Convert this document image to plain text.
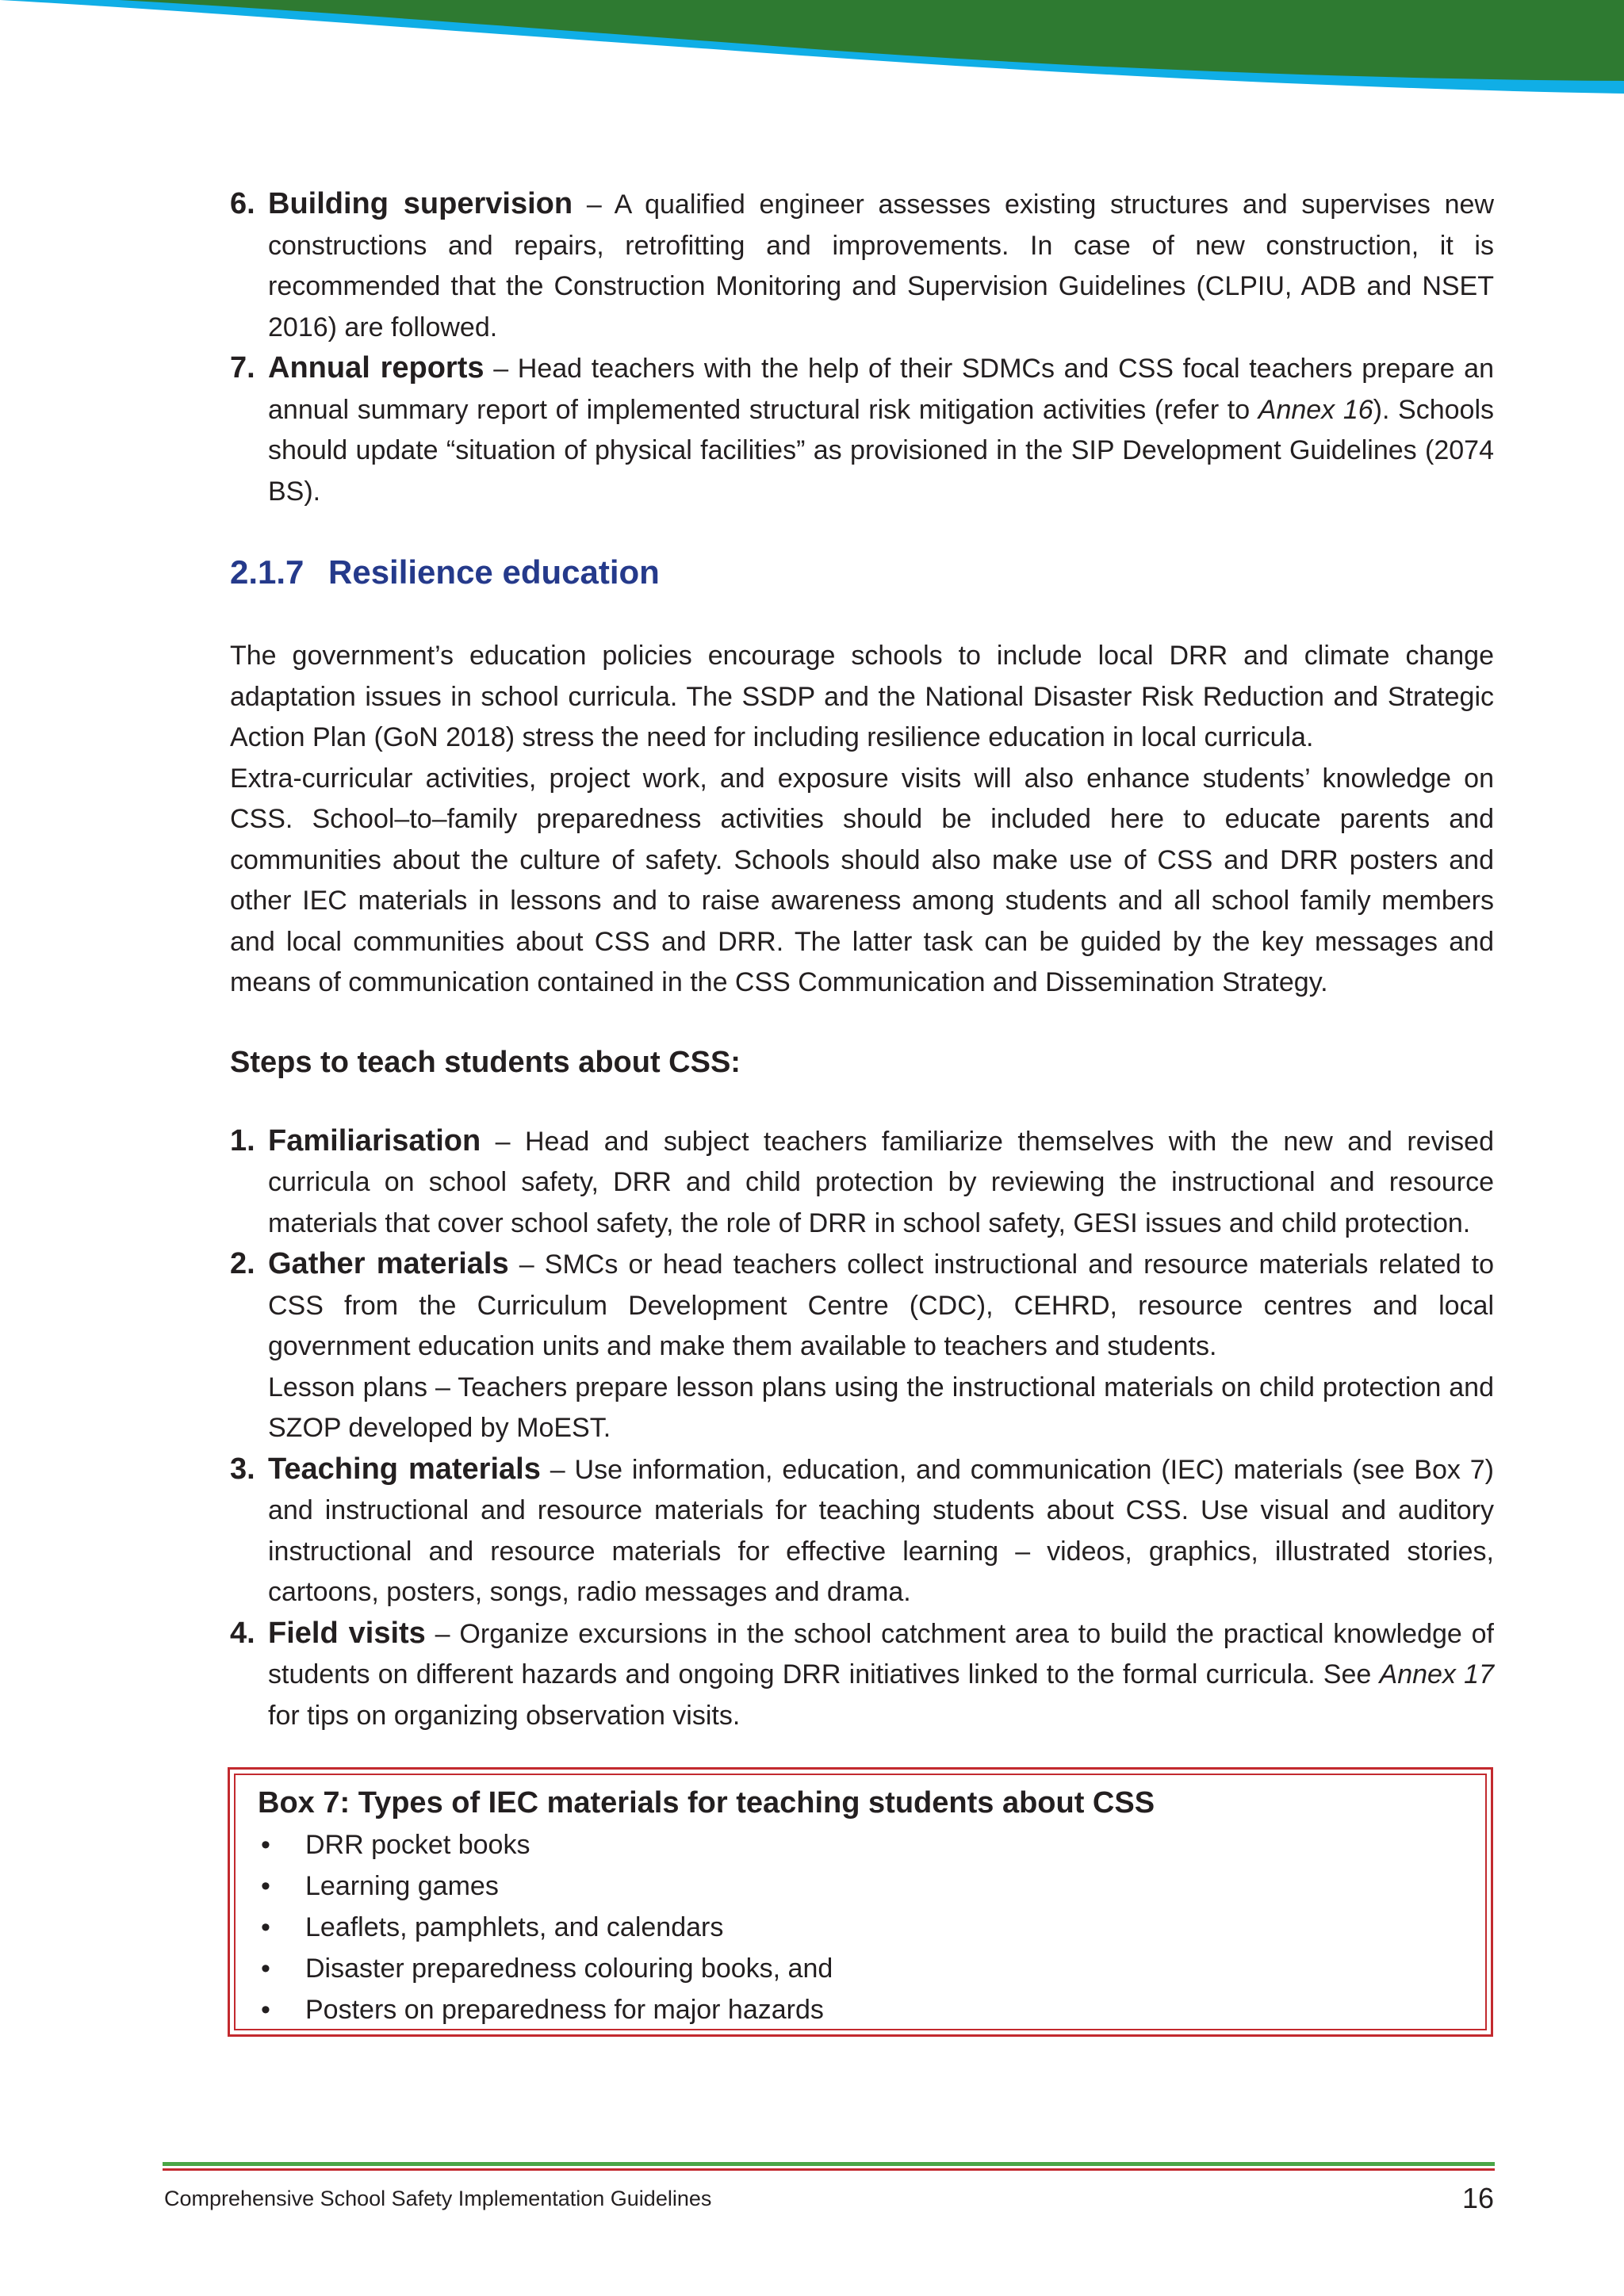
6. Building supervision – A qualified engineer assesses existing structures and supervises new constructions and repairs, retrofitting and improvements. In case of new construction, it is recommended that the Construction Monitoring and Supervision Guidelines (CLPIU, ADB and NSET 2016) are followed.
7. Annual reports – Head teachers with the help of their SDMCs and CSS focal teachers prepare an annual summary report of implemented structural risk mitigation activities (refer to Annex 16). Schools should update “situation of physical facilities” as provisioned in the SIP Development Guidelines (2074 BS).
2.1.7 Resilience education

The government’s education policies encourage schools to include local DRR and climate change adaptation issues in school curricula. The SSDP and the National Disaster Risk Reduction and Strategic Action Plan (GoN 2018) stress the need for including resilience education in local curricula.

Extra-curricular activities, project work, and exposure visits will also enhance students’ knowledge on CSS. School–to–family preparedness activities should be included here to educate parents and communities about the culture of safety. Schools should also make use of CSS and DRR posters and other IEC materials in lessons and to raise awareness among students and all school family members and local communities about CSS and DRR. The latter task can be guided by the key messages and means of communication contained in the CSS Communication and Dissemination Strategy.

Steps to teach students about CSS:
1. Familiarisation – Head and subject teachers familiarize themselves with the new and revised curricula on school safety, DRR and child protection by reviewing the instructional and resource materials that cover school safety, the role of DRR in school safety, GESI issues and child protection.
2. Gather materials – SMCs or head teachers collect instructional and resource materials related to CSS from the Curriculum Development Centre (CDC), CEHRD, resource centres and local government education units and make them available to teachers and students.
Lesson plans – Teachers prepare lesson plans using the instructional materials on child protection and SZOP developed by MoEST.
3. Teaching materials – Use information, education, and communication (IEC) materials (see Box 7) and instructional and resource materials for teaching students about CSS. Use visual and auditory instructional and resource materials for effective learning – videos, graphics, illustrated stories, cartoons, posters, songs, radio messages and drama.
4. Field visits – Organize excursions in the school catchment area to build the practical knowledge of students on different hazards and ongoing DRR initiatives linked to the formal curricula. See Annex 17 for tips on organizing observation visits.

Box 7: Types of IEC materials for teaching students about CSS

• DRR pocket books
• Learning games
• Leaflets, pamphlets, and calendars
• Disaster preparedness colouring books, and
• Posters on preparedness for major hazards
Comprehensive School Safety Implementation Guidelines	16
